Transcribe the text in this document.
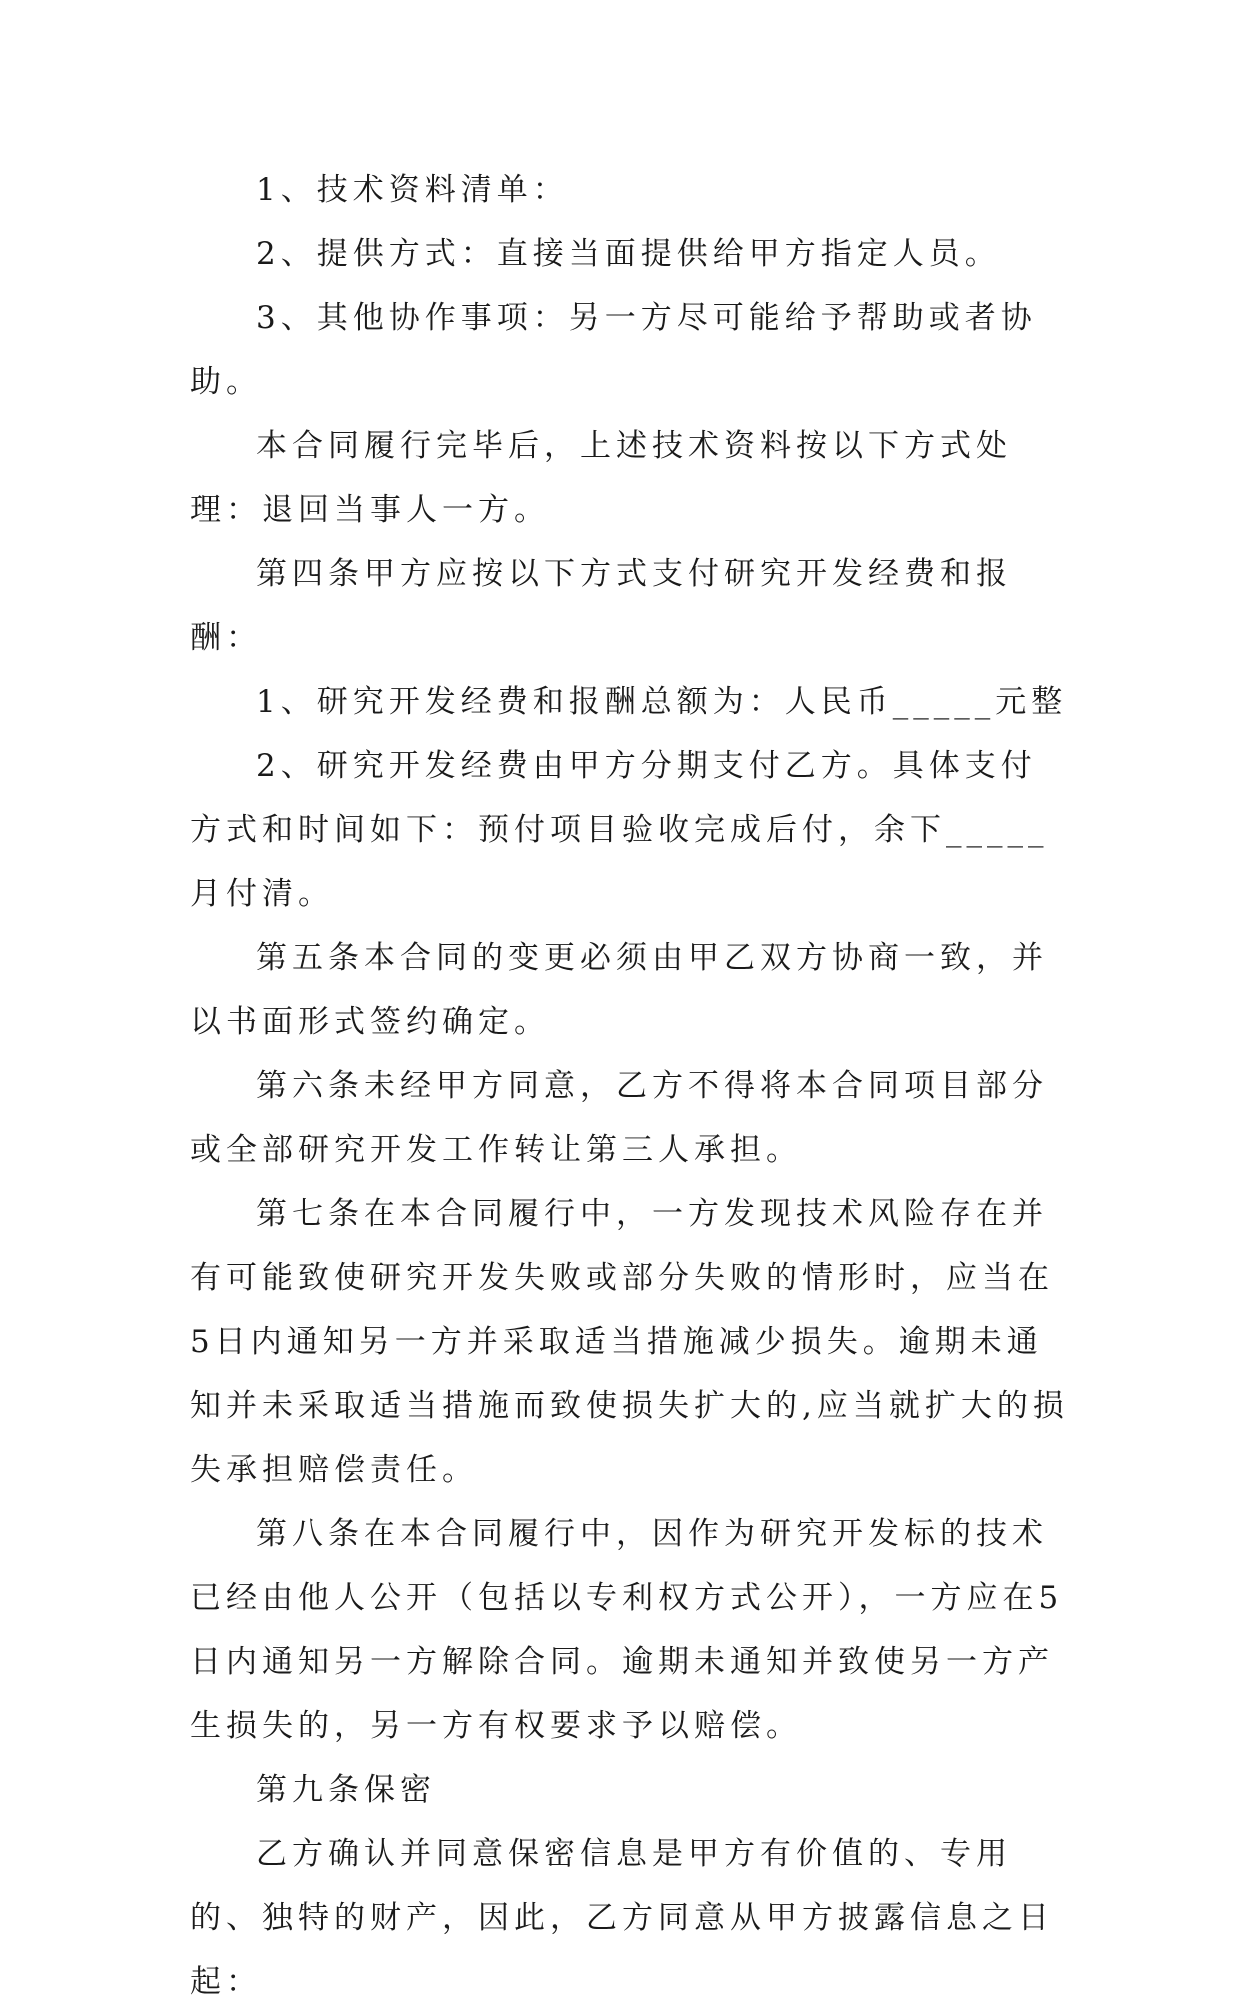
1、技术资料清单：

2、提供方式：直接当面提供给甲方指定人员。

3、其他协作事项：另一方尽可能给予帮助或者协助。

本合同履行完毕后，上述技术资料按以下方式处理：退回当事人一方。

第四条甲方应按以下方式支付研究开发经费和报酬：

1、研究开发经费和报酬总额为：人民币_____元整

2、研究开发经费由甲方分期支付乙方。具体支付方式和时间如下：预付项目验收完成后付，余下_____月付清。

第五条本合同的变更必须由甲乙双方协商一致，并以书面形式签约确定。

第六条未经甲方同意，乙方不得将本合同项目部分或全部研究开发工作转让第三人承担。

第七条在本合同履行中，一方发现技术风险存在并有可能致使研究开发失败或部分失败的情形时，应当在5日内通知另一方并采取适当措施减少损失。逾期未通知并未采取适当措施而致使损失扩大的,应当就扩大的损失承担赔偿责任。

第八条在本合同履行中，因作为研究开发标的技术已经由他人公开（包括以专利权方式公开），一方应在5日内通知另一方解除合同。逾期未通知并致使另一方产生损失的，另一方有权要求予以赔偿。

第九条保密

乙方确认并同意保密信息是甲方有价值的、专用的、独特的财产，因此，乙方同意从甲方披露信息之日起：
